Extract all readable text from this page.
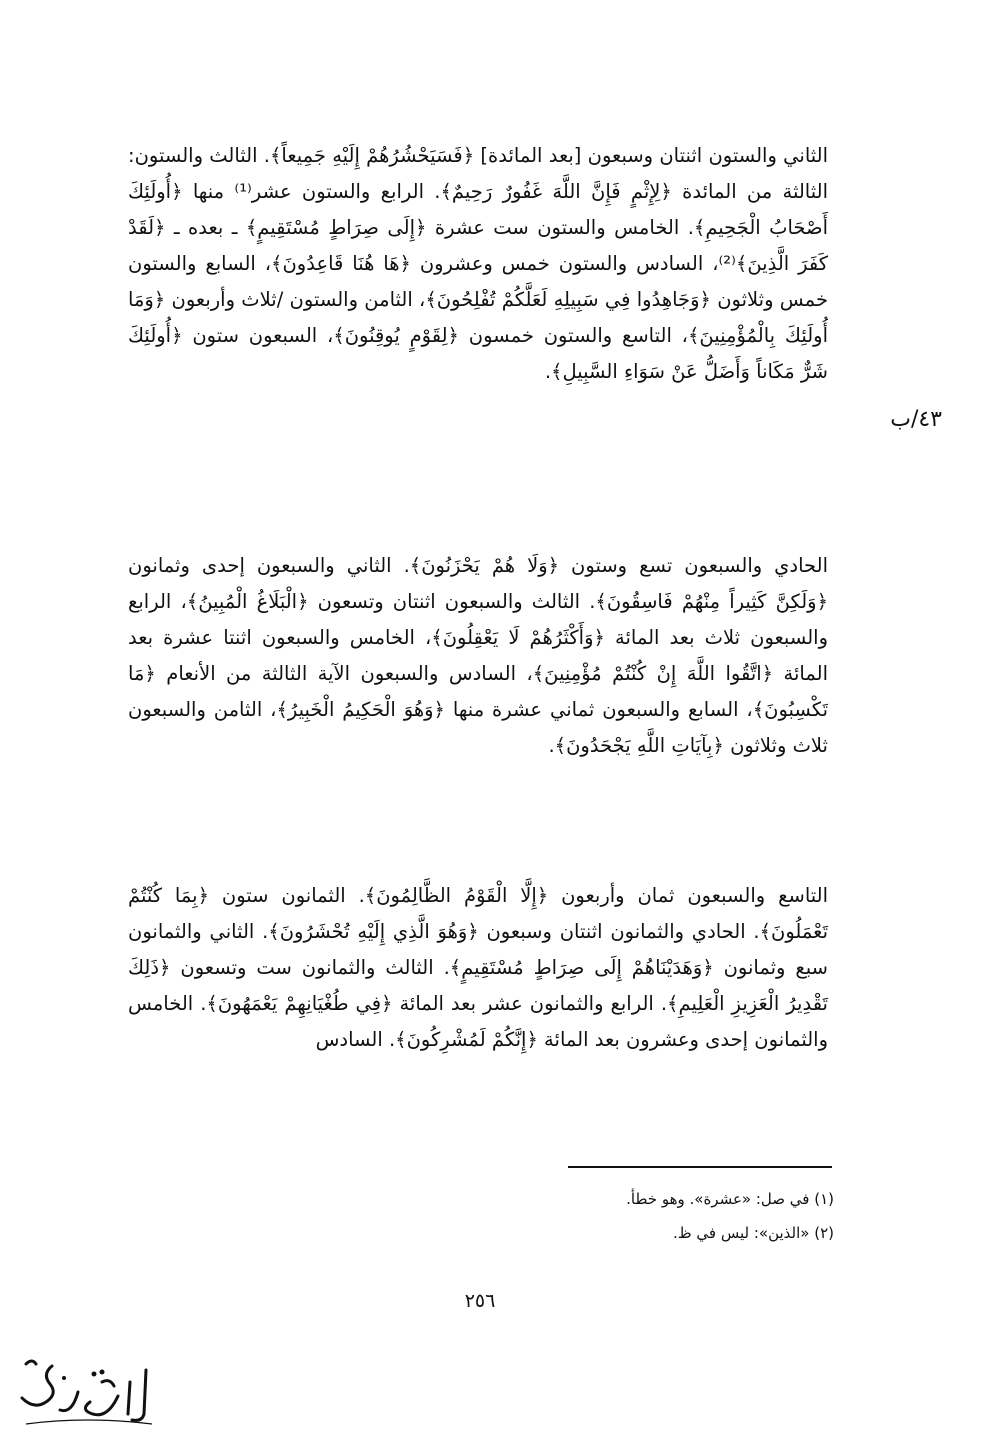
٤٣/ب

الثاني والستون اثنتان وسبعون [بعد المائدة] ﴿فَسَيَحْشُرُهُمْ إِلَيْهِ جَمِيعاً﴾. الثالث والستون: الثالثة من المائدة ﴿لِإِثْمٍ فَإِنَّ اللَّهَ غَفُورٌ رَحِيمٌ﴾. الرابع والستون عشر⁽¹⁾ منها ﴿أُولَئِكَ أَصْحَابُ الْجَحِيمِ﴾. الخامس والستون ست عشرة ﴿إِلَى صِرَاطٍ مُسْتَقِيمٍ﴾ ـ بعده ـ ﴿لَقَدْ كَفَرَ الَّذِينَ﴾⁽²⁾، السادس والستون خمس وعشرون ﴿هَا هُنَا قَاعِدُونَ﴾، السابع والستون خمس وثلاثون ﴿وَجَاهِدُوا فِي سَبِيلِهِ لَعَلَّكُمْ تُفْلِحُونَ﴾، الثامن والستون /ثلاث وأربعون ﴿وَمَا أُولَئِكَ بِالْمُؤْمِنِينَ﴾، التاسع والستون خمسون ﴿لِقَوْمٍ يُوقِنُونَ﴾، السبعون ستون ﴿أُولَئِكَ شَرٌّ مَكَاناً وَأَضَلُّ عَنْ سَوَاءِ السَّبِيلِ﴾.

الحادي والسبعون تسع وستون ﴿وَلَا هُمْ يَحْزَنُونَ﴾. الثاني والسبعون إحدى وثمانون ﴿وَلَكِنَّ كَثِيراً مِنْهُمْ فَاسِقُونَ﴾. الثالث والسبعون اثنتان وتسعون ﴿الْبَلَاغُ الْمُبِينُ﴾، الرابع والسبعون ثلاث بعد المائة ﴿وَأَكْثَرُهُمْ لَا يَعْقِلُونَ﴾، الخامس والسبعون اثنتا عشرة بعد المائة ﴿اتَّقُوا اللَّهَ إِنْ كُنْتُمْ مُؤْمِنِينَ﴾، السادس والسبعون الآية الثالثة من الأنعام ﴿مَا تَكْسِبُونَ﴾، السابع والسبعون ثماني عشرة منها ﴿وَهُوَ الْحَكِيمُ الْخَبِيرُ﴾، الثامن والسبعون ثلاث وثلاثون ﴿بِآيَاتِ اللَّهِ يَجْحَدُونَ﴾.

التاسع والسبعون ثمان وأربعون ﴿إِلَّا الْقَوْمُ الظَّالِمُونَ﴾. الثمانون ستون ﴿بِمَا كُنْتُمْ تَعْمَلُونَ﴾. الحادي والثمانون اثنتان وسبعون ﴿وَهُوَ الَّذِي إِلَيْهِ تُحْشَرُونَ﴾. الثاني والثمانون سبع وثمانون ﴿وَهَدَيْنَاهُمْ إِلَى صِرَاطٍ مُسْتَقِيمٍ﴾. الثالث والثمانون ست وتسعون ﴿ذَلِكَ تَقْدِيرُ الْعَزِيزِ الْعَلِيمِ﴾. الرابع والثمانون عشر بعد المائة ﴿فِي طُغْيَانِهِمْ يَعْمَهُونَ﴾. الخامس والثمانون إحدى وعشرون بعد المائة ﴿إِنَّكُمْ لَمُشْرِكُونَ﴾. السادس

(١) في صل: «عشرة». وهو خطأ.

(٢) «الذين»: ليس في ظ.

٢٥٦
